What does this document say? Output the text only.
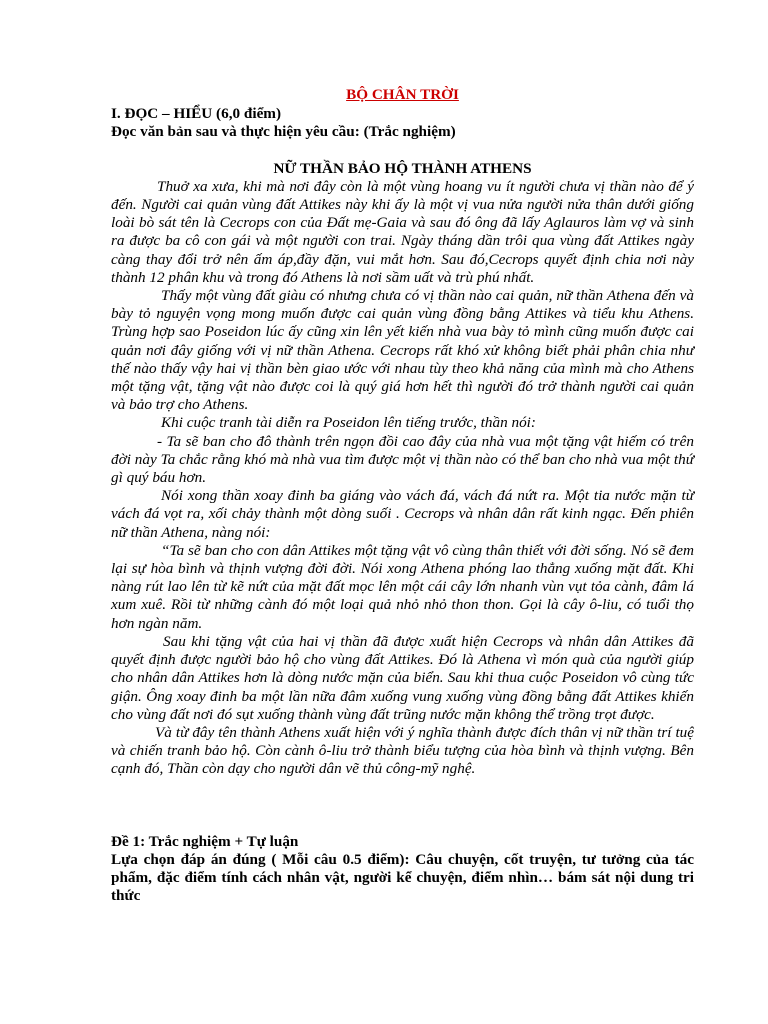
BỘ CHÂN TRỜI

I. ĐỌC – HIỂU (6,0 điểm)

Đọc văn bản sau và thực hiện yêu cầu: (Trắc nghiệm)

NỮ THẦN BẢO HỘ THÀNH ATHENS

Thuở xa xưa, khi mà nơi đây còn là một vùng hoang vu ít người chưa vị thần nào để ý đến. Người cai quản vùng đất Attikes này khi ấy là một vị vua nửa người nửa thân dưới giống loài bò sát tên là Cecrops con của Đất mẹ-Gaia và sau đó ông đã lấy Aglauros làm vợ và sinh ra được ba cô con gái và một người con trai. Ngày tháng dần trôi qua vùng đất Attikes ngày càng thay đổi trở nên ấm áp,đầy đặn, vui mắt hơn. Sau đó,Cecrops quyết định chia nơi này thành 12 phân khu và trong đó Athens là nơi sầm uất và trù phú nhất.

Thấy một vùng đất giàu có nhưng chưa có vị thần nào cai quản, nữ thần Athena đến và bày tỏ nguyện vọng mong muốn được cai quản vùng đồng bằng Attikes và tiểu khu Athens. Trùng hợp sao Poseidon lúc ấy cũng xin lên yết kiến nhà vua bày tỏ mình cũng muốn được cai quản nơi đây giống với vị nữ thần Athena. Cecrops rất khó xử không biết phải phân chia như thế nào thấy vậy hai vị thần bèn giao ước với nhau tùy theo khả năng của mình mà cho Athens một tặng vật, tặng vật nào được coi là quý giá hơn hết thì người đó trở thành người cai quản và bảo trợ cho Athens.

Khi cuộc tranh tài diễn ra Poseidon lên tiếng trước, thần nói:

- Ta sẽ ban cho đô thành trên ngọn đồi cao đây của nhà vua một tặng vật hiếm có trên đời này Ta chắc rằng khó mà nhà vua tìm được một vị thần nào có thể ban cho nhà vua một thứ gì quý báu hơn.

Nói xong thần xoay đinh ba giáng vào vách đá, vách đá nứt ra. Một tia nước mặn từ vách đá vọt ra, xối chảy thành một dòng suối . Cecrops và nhân dân rất kinh ngạc. Đến phiên nữ thần Athena, nàng nói:

“Ta sẽ ban cho con dân Attikes một tặng vật vô cùng thân thiết với đời sống. Nó sẽ đem lại sự hòa bình và thịnh vượng đời đời. Nói xong Athena phóng lao thẳng xuống mặt đất. Khi nàng rút lao lên từ kẽ nứt của mặt đất mọc lên một cái cây lớn nhanh vùn vụt tỏa cành, đâm lá xum xuê. Rồi từ những cành đó một loại quả nhỏ nhỏ thon thon. Gọi là cây ô-liu, có tuổi thọ hơn ngàn năm.

Sau khi tặng vật của hai vị thần đã được xuất hiện Cecrops và nhân dân Attikes đã quyết định được người bảo hộ cho vùng đất Attikes. Đó là Athena vì món quà của người giúp cho nhân dân Attikes hơn là dòng nước mặn của biển. Sau khi thua cuộc Poseidon vô cùng tức giận. Ông xoay đinh ba một lần nữa đâm xuống vung xuống vùng đồng bằng đất Attikes khiến cho vùng đất nơi đó sụt xuống thành vùng đất trũng nước mặn không thể trồng trọt được.

Và từ đây tên thành Athens xuất hiện với ý nghĩa thành được đích thân vị nữ thần trí tuệ và chiến tranh bảo hộ. Còn cành ô-liu trở thành biểu tượng của hòa bình và thịnh vượng. Bên cạnh đó, Thần còn dạy cho người dân vẽ thủ công-mỹ nghệ.

Đề 1: Trắc nghiệm + Tự luận

Lựa chọn đáp án đúng ( Mỗi câu 0.5 điểm): Câu chuyện, cốt truyện, tư tưởng của tác phẩm, đặc điểm tính cách nhân vật, người kể chuyện, điểm nhìn… bám sát nội dung tri thức
